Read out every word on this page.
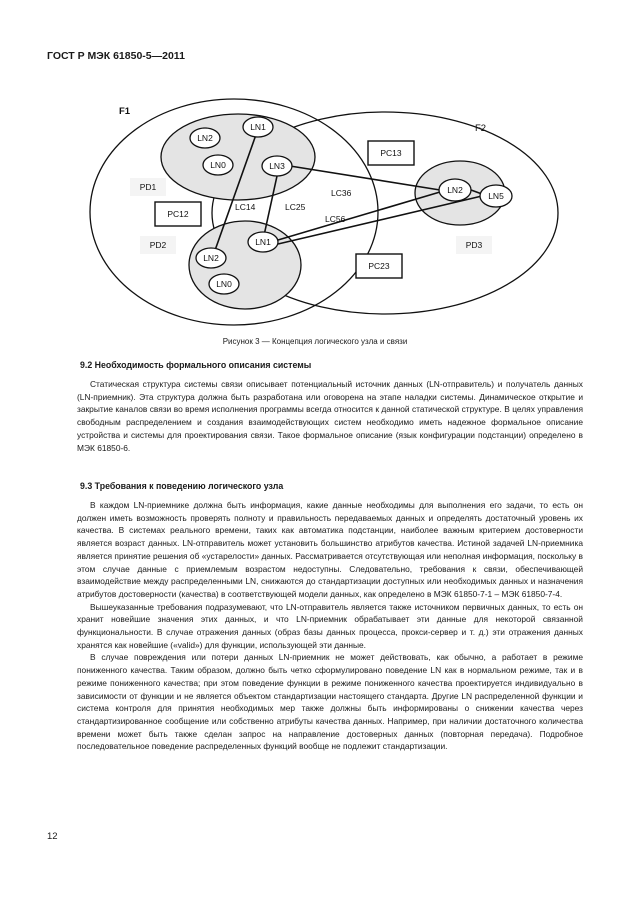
ГОСТ Р МЭК 61850-5—2011
F1
F2
LN2
LN1
LN0	LN3
LN2
LN1
LN0
LN2
LN5
PD1
PD2	PD3
PC12
PC13
PC23
LC14	LC25
LC36
LC56
Рисунок 3 — Концепция логического узла и связи
9.2 Необходимость формального описания системы

Статическая структура системы связи описывает потенциальный источник данных (LN-отправитель) и получатель данных (LN-приемник). Эта структура должна быть разработана или оговорена на этапе наладки системы. Динамическое открытие и закрытие каналов связи во время исполнения программы всегда относится к данной статической структуре. В целях управления свободным распределением и создания взаимодействующих систем необходимо иметь надежное формальное описание устройства и системы для проектирования связи. Такое формальное описание (язык конфигурации подстанции) определено в МЭК 61850-6.

9.3 Требования к поведению логического узла

В каждом LN-приемнике должна быть информация, какие данные необходимы для выполнения его задачи, то есть он должен иметь возможность проверять полноту и правильность передаваемых данных и определять достаточный уровень их качества. В системах реального времени, таких как автоматика подстанции, наиболее важным критерием достоверности является возраст данных. LN-отправитель может установить большинство атрибутов качества. Истиной задачей LN-приемника является принятие решения об «устарелости» данных. Рассматривается отсутствующая или неполная информация, поскольку в этом случае данные с приемлемым возрастом недоступны. Следовательно, требования к связи, обеспечивающей взаимодействие между распределенными LN, снижаются до стандартизации доступных или необходимых данных и назначения атрибутов достоверности (качества) в соответствующей модели данных, как определено в МЭК 61850-7-1 – МЭК 61850-7-4.

Вышеуказанные требования подразумевают, что LN-отправитель является также источником первичных данных, то есть он хранит новейшие значения этих данных, и что LN-приемник обрабатывает эти данные для некоторой связанной функциональности. В случае отражения данных (образ базы данных процесса, прокси-сервер и т. д.) эти отражения данных хранятся как новейшие («valid») для функции, использующей эти данные.

В случае повреждения или потери данных LN-приемник не может действовать, как обычно, а работает в режиме пониженного качества. Таким образом, должно быть четко сформулировано поведение LN как в нормальном режиме, так и в режиме пониженного качества; при этом поведение функции в режиме пониженного качества проектируется индивидуально в зависимости от функции и не является объектом стандартизации настоящего стандарта. Другие LN распределенной функции и система контроля для принятия необходимых мер также должны быть информированы о снижении качества через стандартизированное сообщение или собственно атрибуты качества данных. Например, при наличии достаточного количества времени может быть также сделан запрос на направление достоверных данных (повторная передача). Подробное последовательное поведение распределенных функций вообще не подлежит стандартизации.

12
